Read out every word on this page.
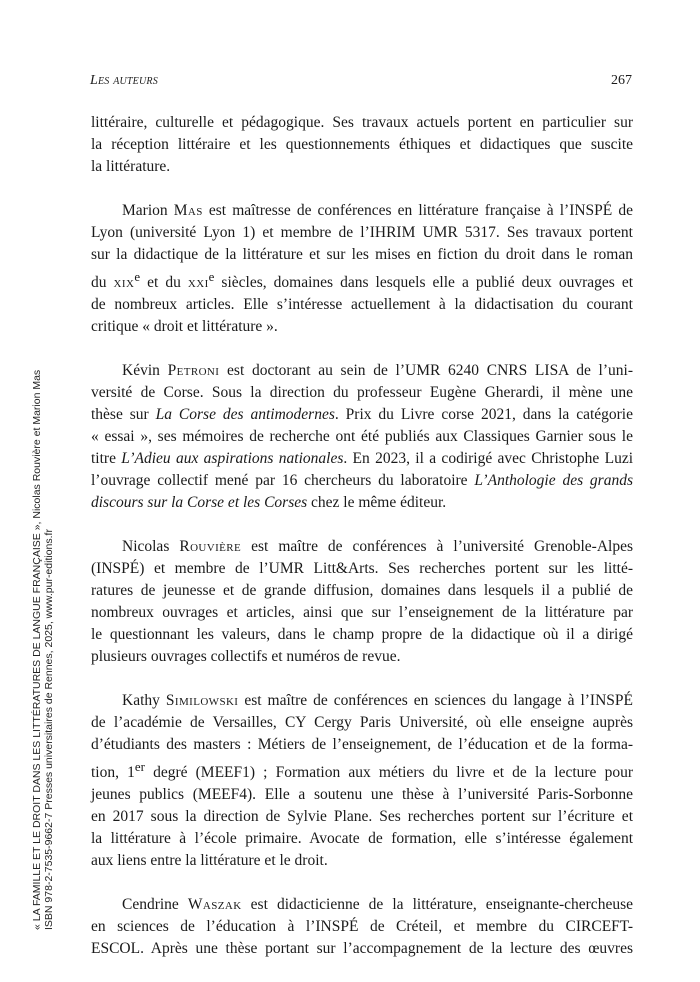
Les auteurs	267

littéraire, culturelle et pédagogique. Ses travaux actuels portent en particulier sur
la réception littéraire et les questionnements éthiques et didactiques que suscite
la littérature.

Marion Mas est maîtresse de conférences en littérature française à l’INSPÉ de
Lyon (université Lyon 1) et membre de l’IHRIM UMR 5317. Ses travaux portent
sur la didactique de la littérature et sur les mises en fiction du droit dans le roman
du xix$^e$ et du xxi$^e$ siècles, domaines dans lesquels elle a publié deux ouvrages et
de nombreux articles. Elle s’intéresse actuellement à la didactisation du courant
critique « droit et littérature ».

Kévin Petroni est doctorant au sein de l’UMR 6240 CNRS LISA de l’uni-
versité de Corse. Sous la direction du professeur Eugène Gherardi, il mène une
thèse sur La Corse des antimodernes. Prix du Livre corse 2021, dans la catégorie
« essai », ses mémoires de recherche ont été publiés aux Classiques Garnier sous le
titre L’Adieu aux aspirations nationales. En 2023, il a codirigé avec Christophe Luzi
l’ouvrage collectif mené par 16 chercheurs du laboratoire L’Anthologie des grands
discours sur la Corse et les Corses chez le même éditeur.

Nicolas Rouvière est maître de conférences à l’université Grenoble-Alpes
(INSPÉ) et membre de l’UMR Litt&Arts. Ses recherches portent sur les litté-
ratures de jeunesse et de grande diffusion, domaines dans lesquels il a publié de
nombreux ouvrages et articles, ainsi que sur l’enseignement de la littérature par
le questionnant les valeurs, dans le champ propre de la didactique où il a dirigé
plusieurs ouvrages collectifs et numéros de revue.

Kathy Similowski est maître de conférences en sciences du langage à l’INSPÉ
de l’académie de Versailles, CY Cergy Paris Université, où elle enseigne auprès
d’étudiants des masters : Métiers de l’enseignement, de l’éducation et de la forma-
tion, 1er degré (MEEF1) ; Formation aux métiers du livre et de la lecture pour
jeunes publics (MEEF4). Elle a soutenu une thèse à l’université Paris-Sorbonne
en 2017 sous la direction de Sylvie Plane. Ses recherches portent sur l’écriture et
la littérature à l’école primaire. Avocate de formation, elle s’intéresse également
aux liens entre la littérature et le droit.

Cendrine Waszak est didacticienne de la littérature, enseignante-chercheuse
en sciences de l’éducation à l’INSPÉ de Créteil, et membre du CIRCEFT-
ESCOL. Après une thèse portant sur l’accompagnement de la lecture des œuvres

« LA FAMILLE ET LE DROIT DANS LES LITTÉRATURES DE LANGUE FRANÇAISE », Nicolas Rouvière et Marion Mas ISBN 978-2-7535-9662-7 Presses universitaires de Rennes, 2025, www.pur-editions.fr
